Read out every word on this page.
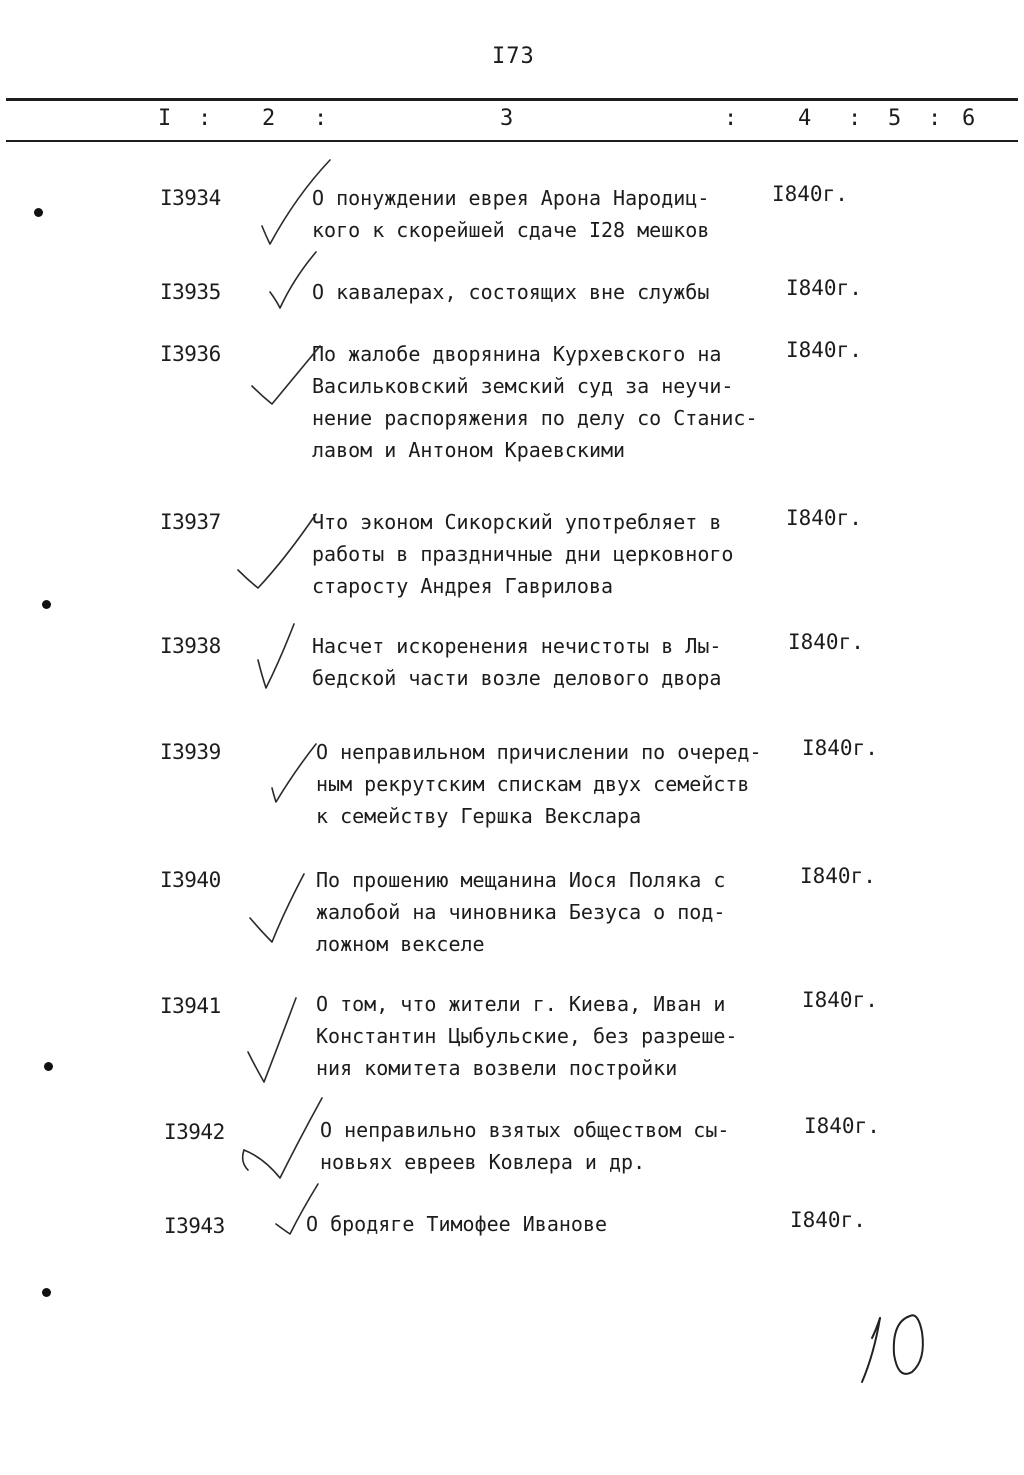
I73
I : 2 :	3	:	4 : 5 : 6
I3934	О понуждении еврея Арона Народиц-
кого к скорейшей сдаче I28 мешков
I840г.
I3935	О кавалерах, состоящих вне службы	I840г.
I3936	По жалобе дворянина Курхевского на
Васильковский земский суд за неучи-
нение распоряжения по делу со Станис-
лавом и Антоном Краевскими
I840г.
I3937	Что эконом Сикорский употребляет в
работы в праздничные дни церковного
старосту Андрея Гаврилова
I840г.
I3938	Насчет искоренения нечистоты в Лы-
бедской части возле делового двора
I840г.
I3939	О неправильном причислении по очеред-
ным рекрутским спискам двух семейств
к семейству Гершка Векслара
I840г.
I3940	По прошению мещанина Иося Поляка с
жалобой на чиновника Безуса о под-
ложном векселе
I840г.
I3941	О том, что жители г. Киева, Иван и
Константин Цыбульские, без разреше-
ния комитета возвели постройки
I840г.
I3942	О неправильно взятых обществом сы-
новьях евреев Ковлера и др.
I840г.
I3943	О бродяге Тимофее Иванове	I840г.
